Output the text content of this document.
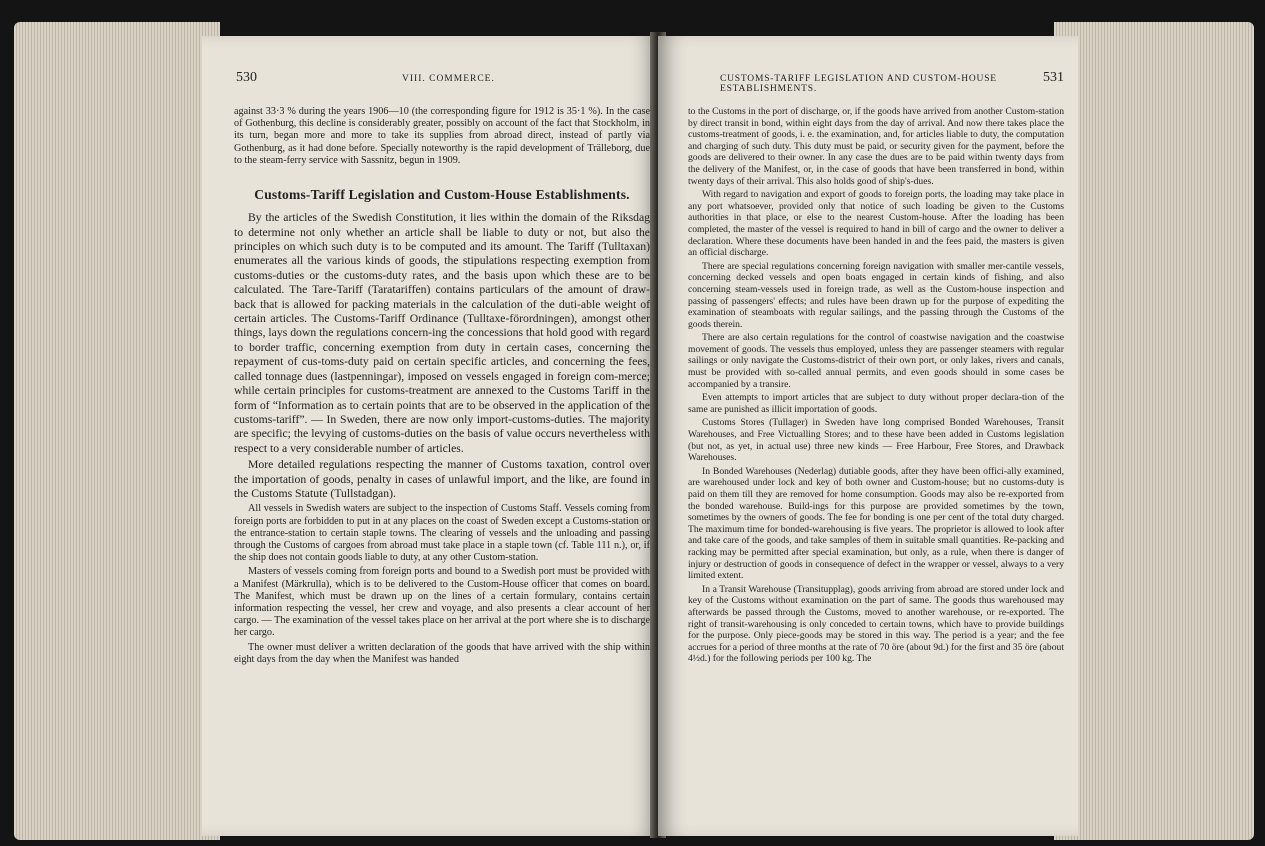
530	VIII. COMMERCE.

against 33·3 % during the years 1906—10 (the corresponding figure for 1912 is 35·1 %). In the case of Gothenburg, this decline is considerably greater, possibly on account of the fact that Stockholm, in its turn, began more and more to take its supplies from abroad direct, instead of partly via Gothenburg, as it had done before. Specially noteworthy is the rapid development of Trälleborg, due to the steam-ferry service with Sassnitz, begun in 1909.

Customs-Tariff Legislation and Custom-House Establishments.

By the articles of the Swedish Constitution, it lies within the domain of the Riksdag to determine not only whether an article shall be liable to duty or not, but also the principles on which such duty is to be computed and its amount. The Tariff (Tulltaxan) enumerates all the various kinds of goods, the stipulations respecting exemption from customs-duties or the customs-duty rates, and the basis upon which these are to be calculated. The Tare-Tariff (Taratariffen) contains particulars of the amount of draw-back that is allowed for packing materials in the calculation of the duti-able weight of certain articles. The Customs-Tariff Ordinance (Tulltaxe-förordningen), amongst other things, lays down the regulations concern-ing the concessions that hold good with regard to border traffic, concerning exemption from duty in certain cases, concerning the repayment of cus-toms-duty paid on certain specific articles, and concerning the fees, called tonnage dues (lastpenningar), imposed on vessels engaged in foreign com-merce; while certain principles for customs-treatment are annexed to the Customs Tariff in the form of “Information as to certain points that are to be observed in the application of the customs-tariff”. — In Sweden, there are now only import-customs-duties. The majority are specific; the levying of customs-duties on the basis of value occurs nevertheless with respect to a very considerable number of articles.

More detailed regulations respecting the manner of Customs taxation, control over the importation of goods, penalty in cases of unlawful import, and the like, are found in the Customs Statute (Tullstadgan).

All vessels in Swedish waters are subject to the inspection of Customs Staff. Vessels coming from foreign ports are forbidden to put in at any places on the coast of Sweden except a Customs-station or the entrance-station to certain staple towns. The clearing of vessels and the unloading and passing through the Customs of cargoes from abroad must take place in a staple town (cf. Table 111 n.), or, if the ship does not contain goods liable to duty, at any other Custom-station.

Masters of vessels coming from foreign ports and bound to a Swedish port must be provided with a Manifest (Märkrulla), which is to be delivered to the Custom-House officer that comes on board. The Manifest, which must be drawn up on the lines of a certain formulary, contains certain information respecting the vessel, her crew and voyage, and also presents a clear account of her cargo. — The examination of the vessel takes place on her arrival at the port where she is to discharge her cargo.

The owner must deliver a written declaration of the goods that have arrived with the ship within eight days from the day when the Manifest was handed

CUSTOMS-TARIFF LEGISLATION AND CUSTOM-HOUSE ESTABLISHMENTS.
531

to the Customs in the port of discharge, or, if the goods have arrived from another Custom-station by direct transit in bond, within eight days from the day of arrival. And now there takes place the customs-treatment of goods, i. e. the examination, and, for articles liable to duty, the computation and charging of such duty. This duty must be paid, or security given for the payment, before the goods are delivered to their owner. In any case the dues are to be paid within twenty days from the delivery of the Manifest, or, in the case of goods that have been transferred in bond, within twenty days of their arrival. This also holds good of ship's-dues.

With regard to navigation and export of goods to foreign ports, the loading may take place in any port whatsoever, provided only that notice of such loading be given to the Customs authorities in that place, or else to the nearest Custom-house. After the loading has been completed, the master of the vessel is required to hand in bill of cargo and the owner to deliver a declaration. Where these documents have been handed in and the fees paid, the masters is given an official discharge.

There are special regulations concerning foreign navigation with smaller mer-cantile vessels, concerning decked vessels and open boats engaged in certain kinds of fishing, and also concerning steam-vessels used in foreign trade, as well as the Custom-house inspection and passing of passengers' effects; and rules have been drawn up for the purpose of expediting the examination of steamboats with regular sailings, and the passing through the Customs of the goods therein.

There are also certain regulations for the control of coastwise navigation and the coastwise movement of goods. The vessels thus employed, unless they are passenger steamers with regular sailings or only navigate the Customs-district of their own port, or only lakes, rivers and canals, must be provided with so-called annual permits, and even goods should in some cases be accompanied by a transire.

Even attempts to import articles that are subject to duty without proper declara-tion of the same are punished as illicit importation of goods.

Customs Stores (Tullager) in Sweden have long comprised Bonded Warehouses, Transit Warehouses, and Free Victualling Stores; and to these have been added in Customs legislation (but not, as yet, in actual use) three new kinds — Free Harbour, Free Stores, and Drawback Warehouses.

In Bonded Warehouses (Nederlag) dutiable goods, after they have been offici-ally examined, are warehoused under lock and key of both owner and Custom-house; but no customs-duty is paid on them till they are removed for home consumption. Goods may also be re-exported from the bonded warehouse. Build-ings for this purpose are provided sometimes by the town, sometimes by the owners of goods. The fee for bonding is one per cent of the total duty charged. The maximum time for bonded-warehousing is five years. The proprietor is allowed to look after and take care of the goods, and take samples of them in suitable small quantities. Re-packing and racking may be permitted after special examination, but only, as a rule, when there is danger of injury or destruction of goods in consequence of defect in the wrapper or vessel, always to a very limited extent.

In a Transit Warehouse (Transitupplag), goods arriving from abroad are stored under lock and key of the Customs without examination on the part of same. The goods thus warehoused may afterwards be passed through the Customs, moved to another warehouse, or re-exported. The right of transit-warehousing is only conceded to certain towns, which have to provide buildings for the purpose. Only piece-goods may be stored in this way. The period is a year; and the fee accrues for a period of three months at the rate of 70 öre (about 9d.) for the first and 35 öre (about 4½d.) for the following periods per 100 kg. The
